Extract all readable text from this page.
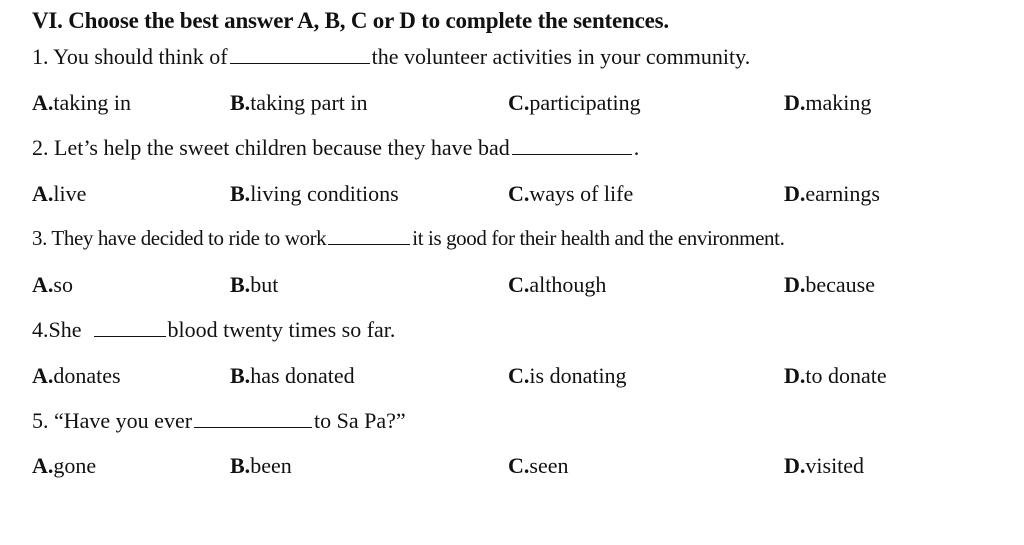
VI. Choose the best answer A, B, C or D to complete the sentences.
1. You should think of	the volunteer activities in your community.
A.taking in	B.taking part in	C.participating	D.making
2. Let’s help the sweet children because they have bad	.
A.live	B.living conditions	C.ways of life	D.earnings
3. They have decided to ride to work	it is good for their health and the environment.
A.so	B.but	C.although	D.because
4.She	blood twenty times so far.
A.donates	B.has donated	C.is donating	D.to donate
5. “Have you ever	to Sa Pa?”
A.gone	B.been	C.seen	D.visited
